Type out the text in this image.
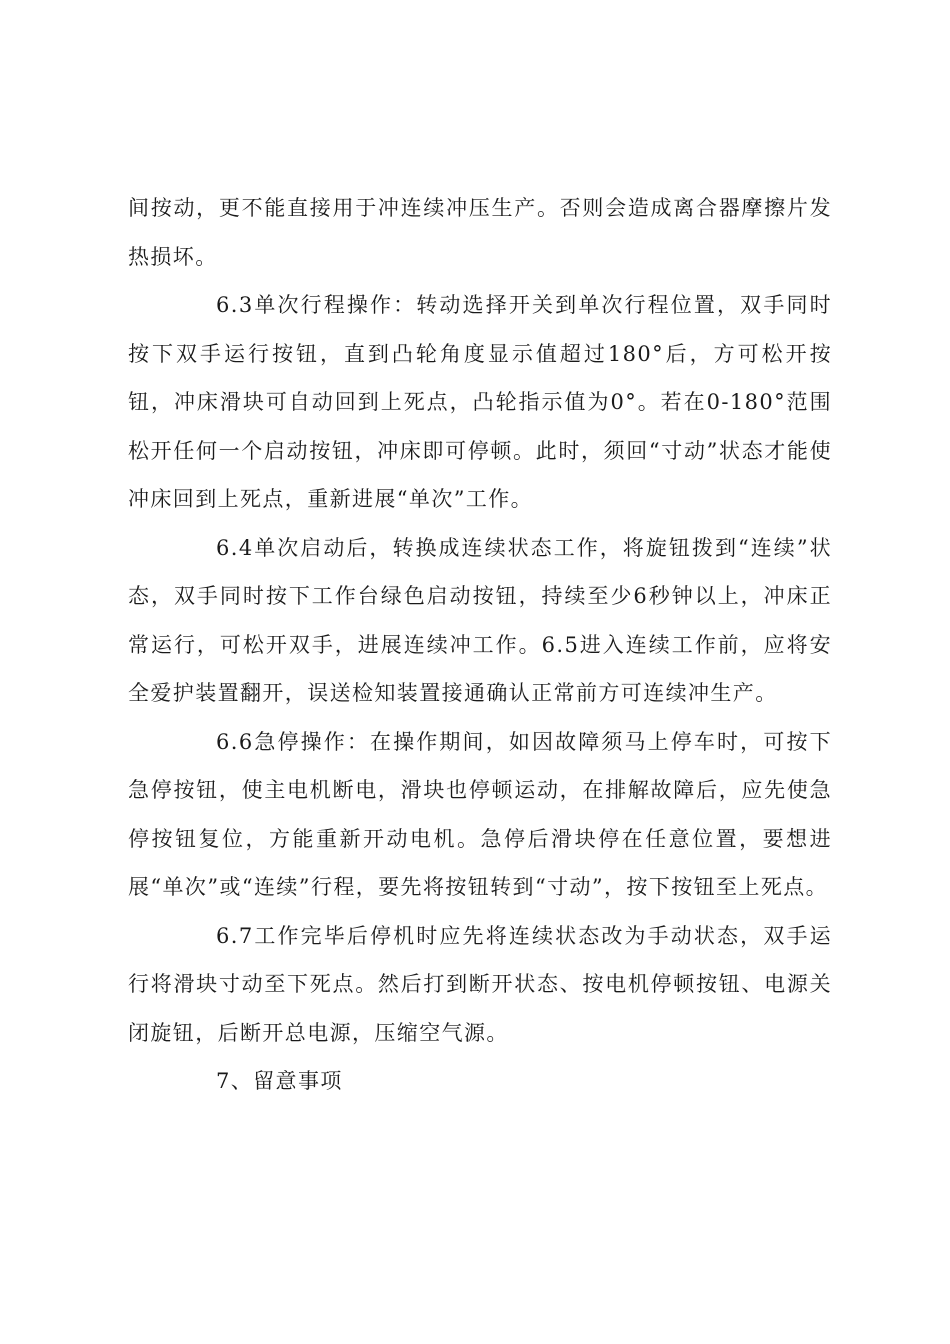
间按动，更不能直接用于冲连续冲压生产。否则会造成离合器摩擦片发热损坏。

6.3单次行程操作：转动选择开关到单次行程位置，双手同时按下双手运行按钮，直到凸轮角度显示值超过180°后，方可松开按钮，冲床滑块可自动回到上死点，凸轮指示值为0°。若在0-180°范围松开任何一个启动按钮，冲床即可停顿。此时，须回“寸动”状态才能使冲床回到上死点，重新进展“单次”工作。

6.4单次启动后，转换成连续状态工作，将旋钮拨到“连续”状态，双手同时按下工作台绿色启动按钮，持续至少6秒钟以上，冲床正常运行，可松开双手，进展连续冲工作。6.5进入连续工作前，应将安全爱护装置翻开，误送检知装置接通确认正常前方可连续冲生产。

6.6急停操作：在操作期间，如因故障须马上停车时，可按下急停按钮，使主电机断电，滑块也停顿运动，在排解故障后，应先使急停按钮复位，方能重新开动电机。急停后滑块停在任意位置，要想进展“单次”或“连续”行程，要先将按钮转到“寸动”，按下按钮至上死点。

6.7工作完毕后停机时应先将连续状态改为手动状态，双手运行将滑块寸动至下死点。然后打到断开状态、按电机停顿按钮、电源关闭旋钮，后断开总电源，压缩空气源。

7、留意事项
